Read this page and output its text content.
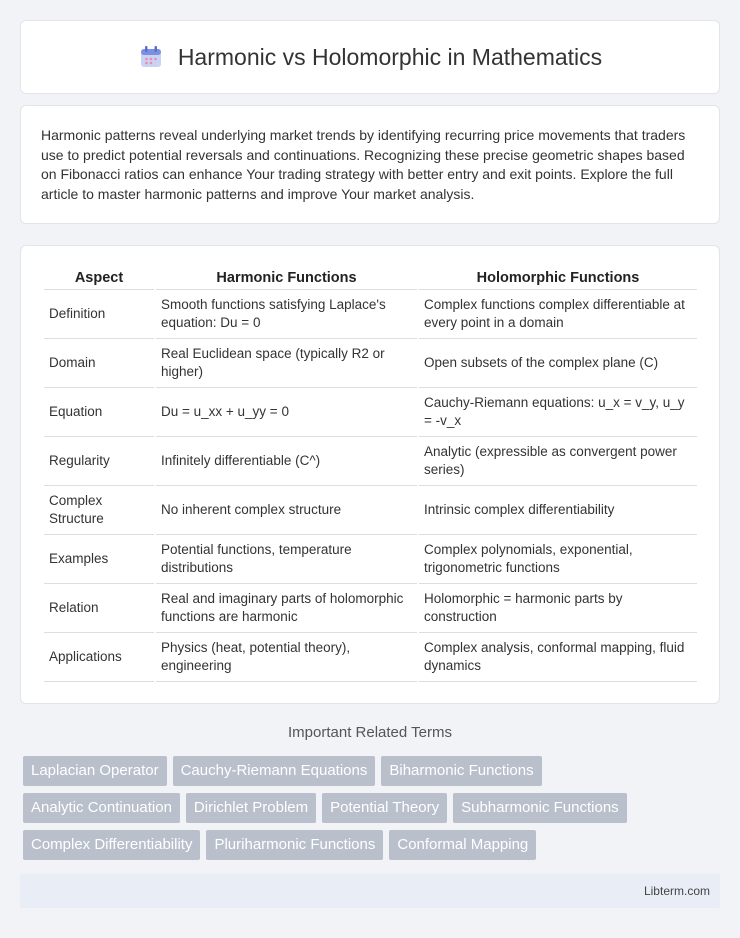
Harmonic vs Holomorphic in Mathematics

Harmonic patterns reveal underlying market trends by identifying recurring price movements that traders use to predict potential reversals and continuations. Recognizing these precise geometric shapes based on Fibonacci ratios can enhance Your trading strategy with better entry and exit points. Explore the full article to master harmonic patterns and improve Your market analysis.

Aspect	Harmonic Functions	Holomorphic Functions
Definition	Smooth functions satisfying Laplace's equation: Du = 0	Complex functions complex differentiable at every point in a domain
Domain	Real Euclidean space (typically R2 or higher)	Open subsets of the complex plane (C)
Equation	Du = u_xx + u_yy = 0	Cauchy-Riemann equations: u_x = v_y, u_y = -v_x
Regularity	Infinitely differentiable (C^)	Analytic (expressible as convergent power series)
Complex Structure	No inherent complex structure	Intrinsic complex differentiability
Examples	Potential functions, temperature distributions	Complex polynomials, exponential, trigonometric functions
Relation	Real and imaginary parts of holomorphic functions are harmonic	Holomorphic = harmonic parts by construction
Applications	Physics (heat, potential theory), engineering	Complex analysis, conformal mapping, fluid dynamics
Important Related Terms
Laplacian Operator	Cauchy-Riemann Equations	Biharmonic Functions
Analytic Continuation	Dirichlet Problem	Potential Theory	Subharmonic Functions
Complex Differentiability	Pluriharmonic Functions	Conformal Mapping
Libterm.com
